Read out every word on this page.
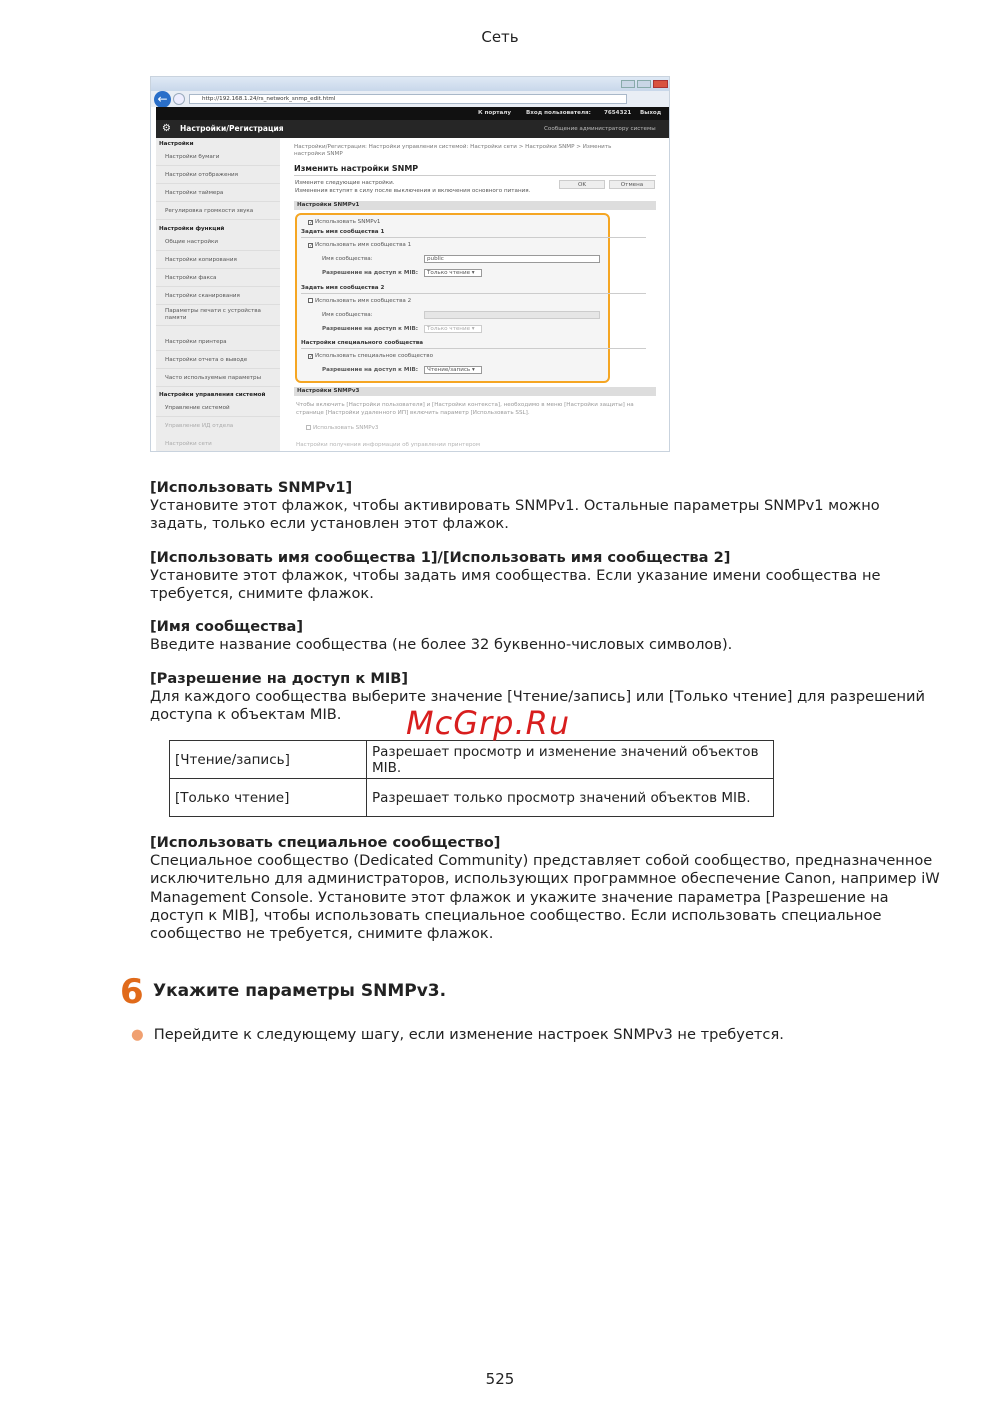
Сеть
←	http://192.168.1.24/rs_network_snmp_edit.html
К порталу	Вход пользователя: 7654321 Выход
⚙ Настройки/Регистрация	Сообщение администратору системы
Настройки
Настройки бумаги
Настройки отображения
Настройки таймера
Регулировка громкости звука
Настройки функций
Общие настройки
Настройки копирования
Настройки факса
Настройки сканирования
Параметры печати с устройства памяти
Настройки принтера
Настройки отчета о выводе
Часто используемые параметры
Настройки управления системой
Управление системой
Управление ИД отдела
Настройки сети
Настройки/Регистрация: Настройки управления системой: Настройки сети > Настройки SNMP > Изменить настройки SNMP
Изменить настройки SNMP
Измените следующие настройки.
Изменения вступят в силу после выключения и включения основного питания.
OK	Отмена
Настройки SNMPv1
✓ Использовать SNMPv1
Задать имя сообщества 1
✓ Использовать имя сообщества 1
Имя сообщества:	public
Разрешение на доступ к MIB:	Только чтение ▾
Задать имя сообщества 2
Использовать имя сообщества 2
Имя сообщества:
Разрешение на доступ к MIB:	Только чтение ▾
Настройки специального сообщества
✓ Использовать специальное сообщество
Разрешение на доступ к MIB:	Чтение/запись ▾
Настройки SNMPv3
Чтобы включить [Настройки пользователя] и [Настройки контекста], необходимо в меню [Настройки защиты] на странице [Настройки удаленного ИП] включить параметр [Использовать SSL].
Использовать SNMPv3
Настройки получения информации об управлении принтером
[Использовать SNMPv1]
Установите этот флажок, чтобы активировать SNMPv1. Остальные параметры SNMPv1 можно задать, только если установлен этот флажок.
[Использовать имя сообщества 1]/[Использовать имя сообщества 2]
Установите этот флажок, чтобы задать имя сообщества. Если указание имени сообщества не требуется, снимите флажок.
[Имя сообщества]
Введите название сообщества (не более 32 буквенно-числовых символов).
[Разрешение на доступ к MIB]
Для каждого сообщества выберите значение [Чтение/запись] или [Только чтение] для разрешений доступа к объектам MIB.
[Использовать специальное сообщество]
Специальное сообщество (Dedicated Community) представляет собой сообщество, предназначенное исключительно для администраторов, использующих программное обеспечение Canon, например iW Management Console. Установите этот флажок и укажите значение параметра [Разрешение на доступ к MIB], чтобы использовать специальное сообщество. Если использовать специальное сообщество не требуется, снимите флажок.
[Чтение/запись]	Разрешает просмотр и изменение значений объектов MIB.
[Только чтение]	Разрешает только просмотр значений объектов MIB.
McGrp.Ru
6 Укажите параметры SNMPv3.
● Перейдите к следующему шагу, если изменение настроек SNMPv3 не требуется.
525
